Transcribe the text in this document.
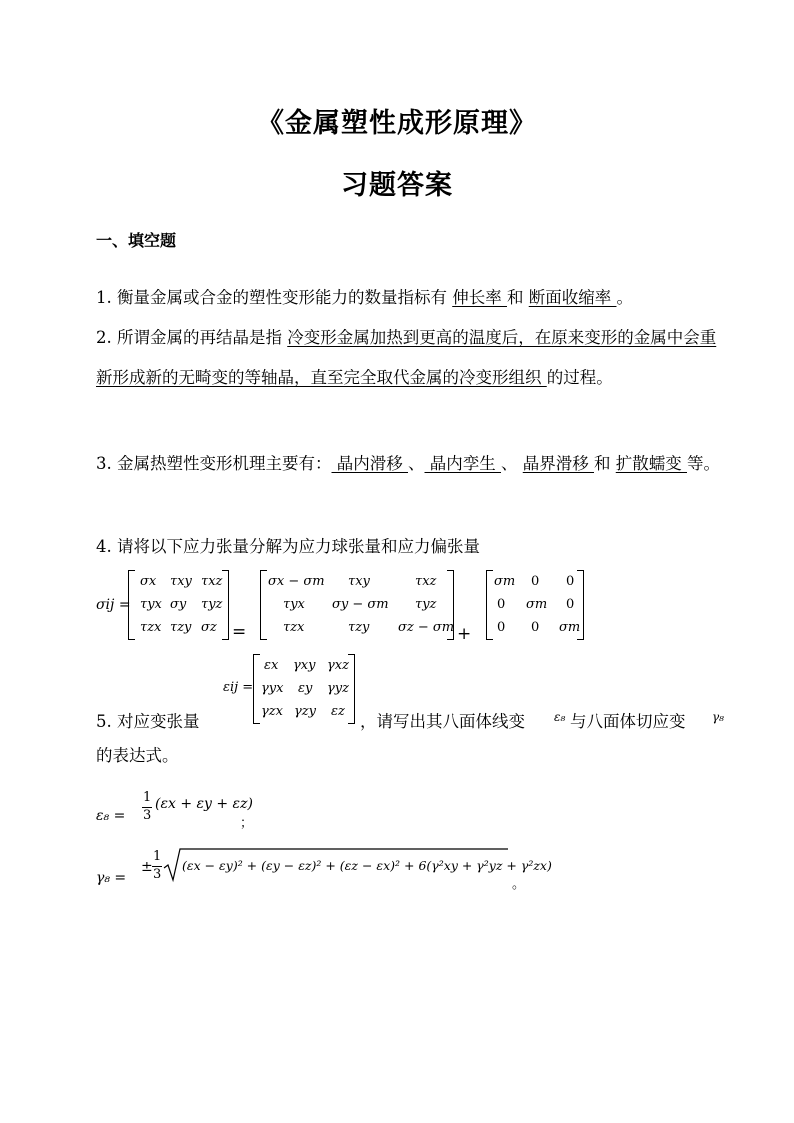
《金属塑性成形原理》
习题答案
一、填空题
1. 衡量金属或合金的塑性变形能力的数量指标有 伸长率 和 断面收缩率 。
2. 所谓金属的再结晶是指 冷变形金属加热到更高的温度后，在原来变形的金属中会重新形成新的无畸变的等轴晶，直至完全取代金属的冷变形组织 的过程。
3. 金属热塑性变形机理主要有： 晶内滑移 、 晶内孪生 、 晶界滑移 和 扩散蠕变 等。
4. 请将以下应力张量分解为应力球张量和应力偏张量
σij =
σx τxy τxz
τyx σy τyz
τzx τzy σz =
σx − σm τxy	τxz
τyx σy − σm τyz
τzx	τzy σz − σm +
σm 0 0
0 σm 0
0 0 σm
εij =
εx γxy γxz
γyx εy γyz
γzx γzy εz
5. 对应变张量	，请写出其八面体线变	ε₈ 与八面体切应变	γ₈
的表达式。
ε₈ =
1
3
(εx + εy + εz)
；
γ₈ =
±
1
3
(εx − εy)² + (εy − εz)² + (εz − εx)² + 6(γ²xy + γ²yz + γ²zx)
。
